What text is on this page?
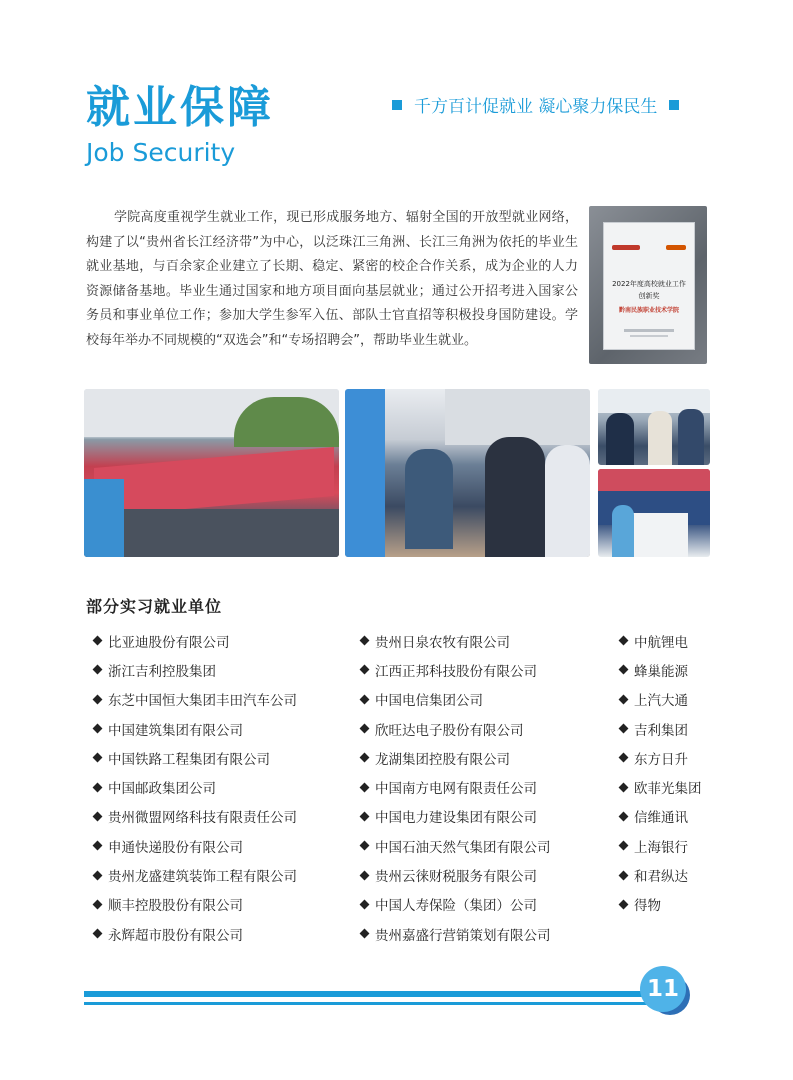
就业保障
Job Security
千方百计促就业 凝心聚力保民生

学院高度重视学生就业工作，现已形成服务地方、辐射全国的开放型就业网络，构建了以“贵州省长江经济带”为中心，以泛珠江三角洲、长江三角洲为依托的毕业生就业基地，与百余家企业建立了长期、稳定、紧密的校企合作关系，成为企业的人力资源储备基地。毕业生通过国家和地方项目面向基层就业；通过公开招考进入国家公务员和事业单位工作；参加大学生参军入伍、部队士官直招等积极投身国防建设。学校每年举办不同规模的“双选会”和“专场招聘会”，帮助毕业生就业。

2022年度高校就业工作
创新奖
黔南民族职业技术学院
部分实习就业单位
比亚迪股份有限公司
浙江吉利控股集团
东芝中国恒大集团丰田汽车公司
中国建筑集团有限公司
中国铁路工程集团有限公司
中国邮政集团公司
贵州微盟网络科技有限责任公司
申通快递股份有限公司
贵州龙盛建筑装饰工程有限公司
顺丰控股股份有限公司
永辉超市股份有限公司
贵州日泉农牧有限公司
江西正邦科技股份有限公司
中国电信集团公司
欣旺达电子股份有限公司
龙湖集团控股有限公司
中国南方电网有限责任公司
中国电力建设集团有限公司
中国石油天然气集团有限公司
贵州云徕财税服务有限公司
中国人寿保险（集团）公司
贵州嘉盛行营销策划有限公司
中航锂电
蜂巢能源
上汽大通
吉利集团
东方日升
欧菲光集团
信维通讯
上海银行
和君纵达
得物
11
